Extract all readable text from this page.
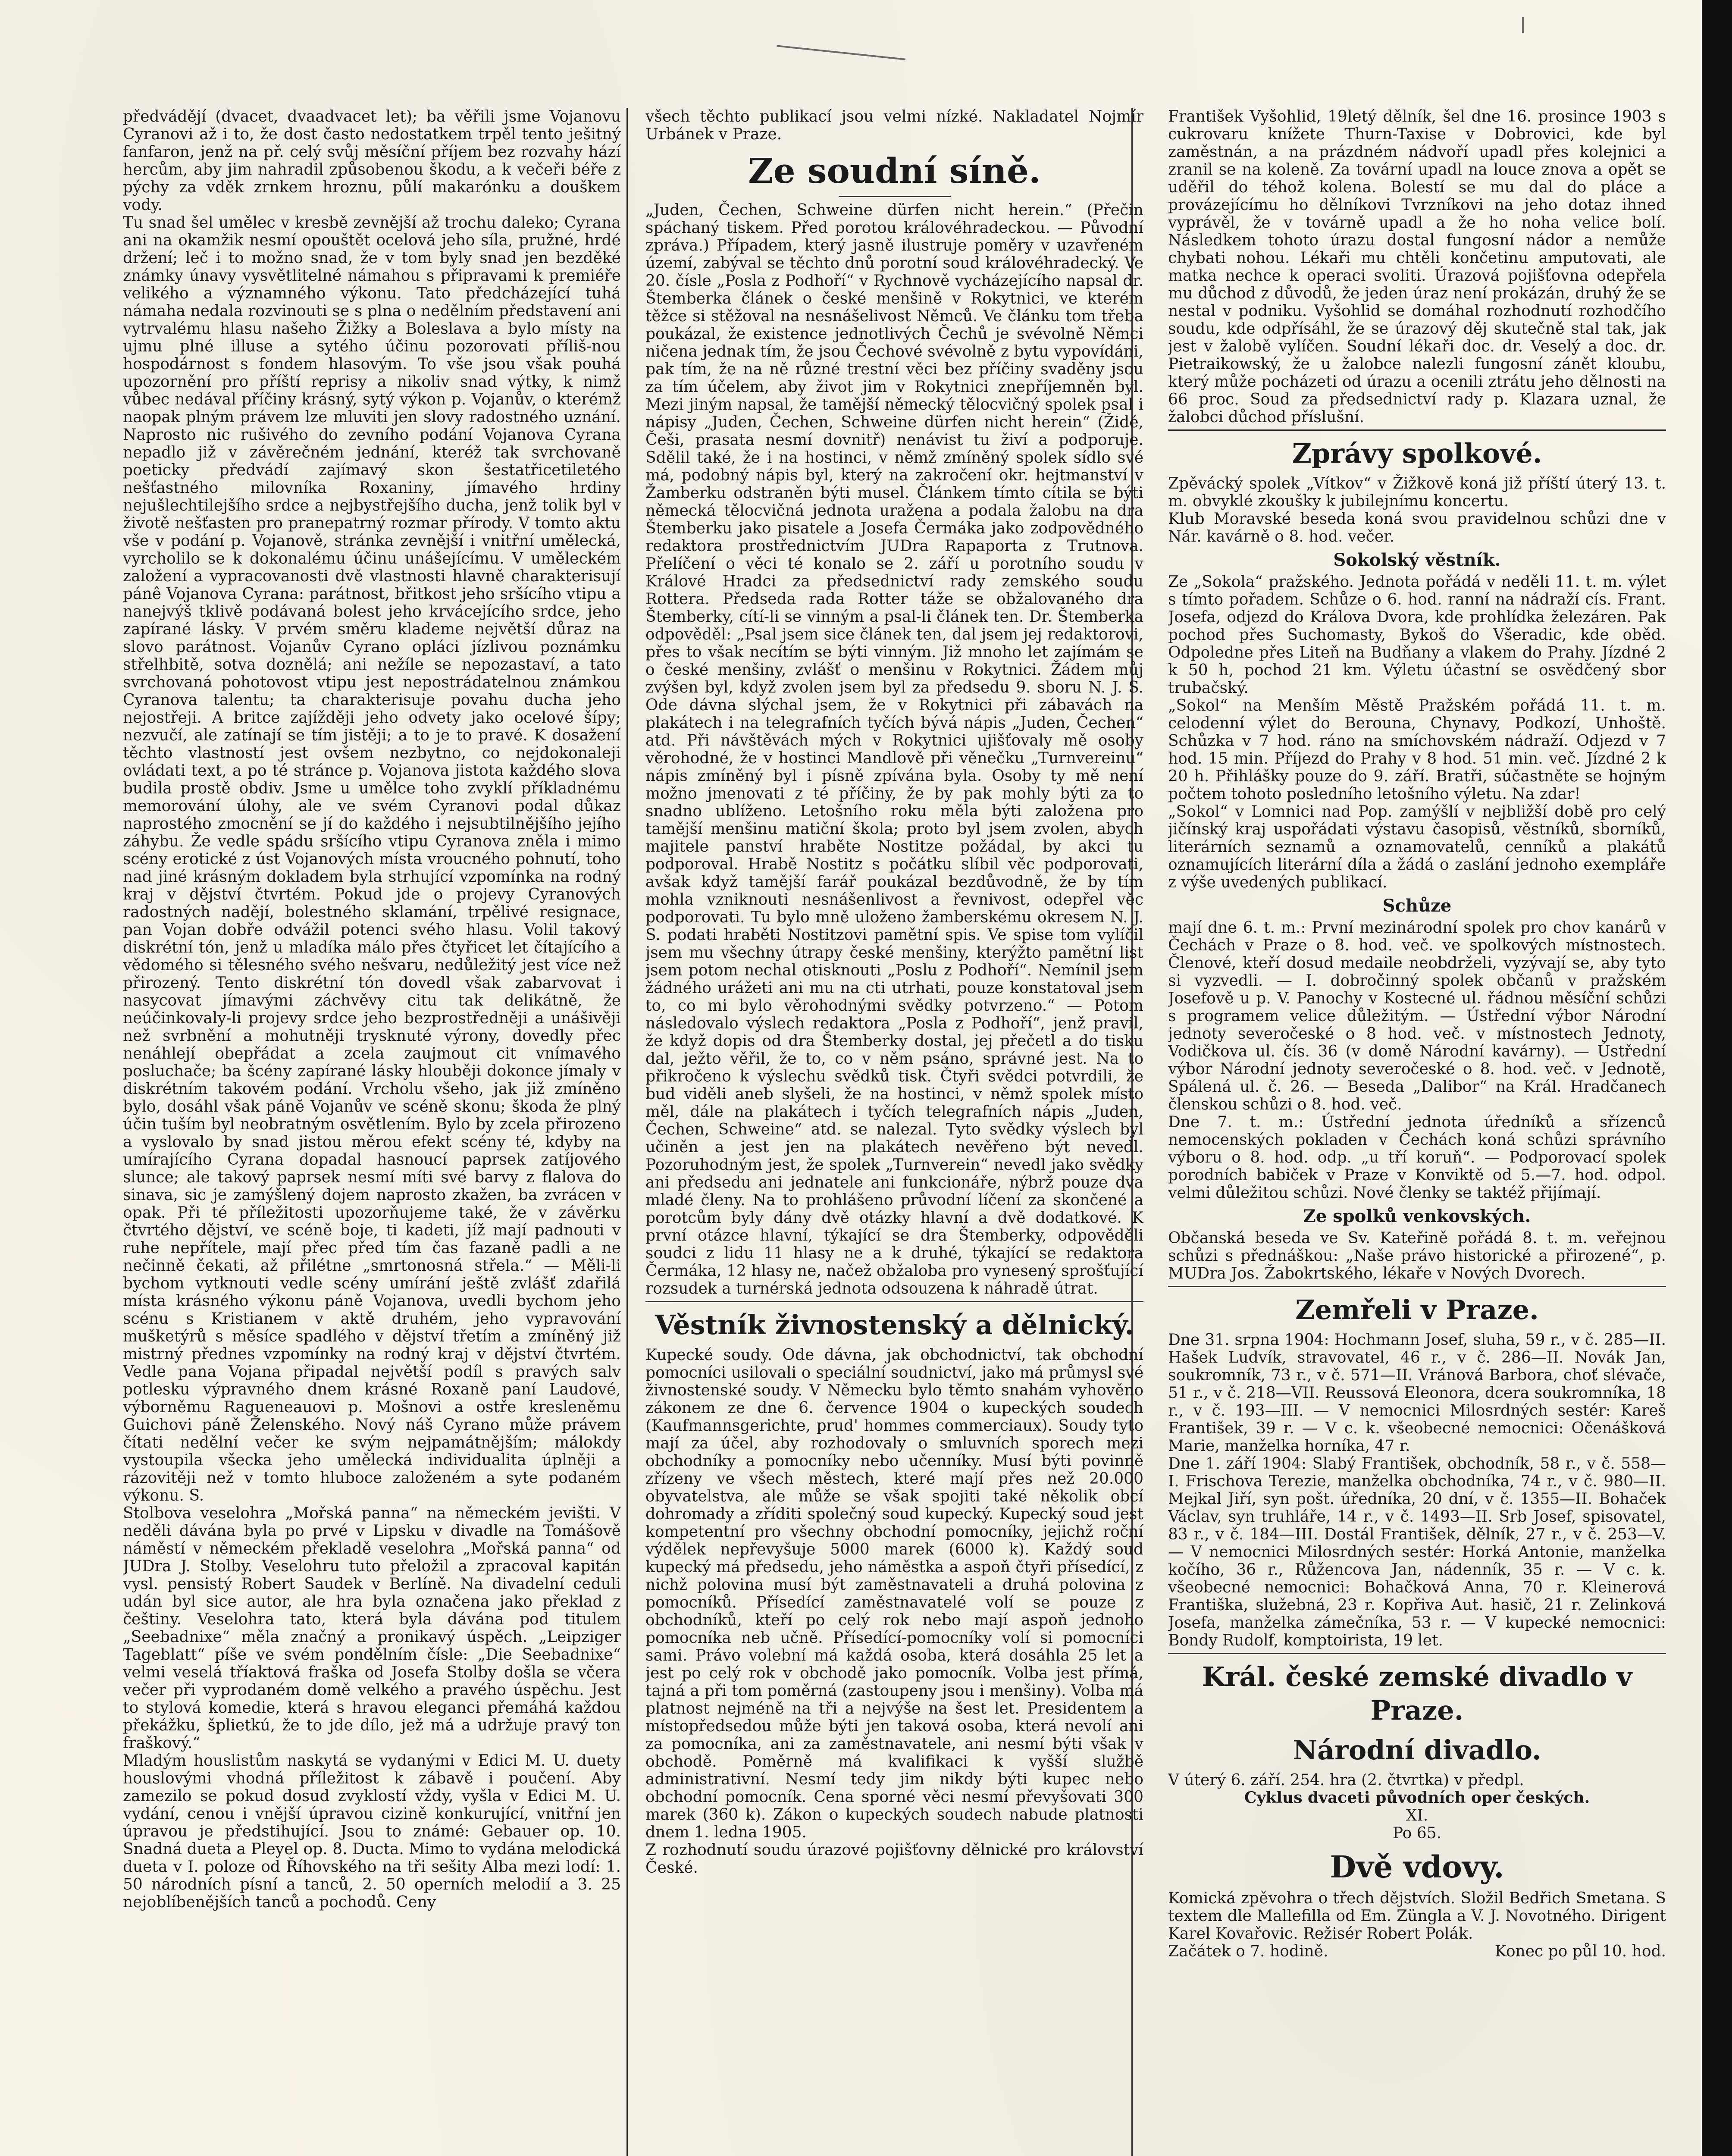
předvádějí (dvacet, dvaadvacet let); ba věřili jsme Vojanovu Cyranovi až i to, že dost často nedostatkem trpěl tento ješitný fanfaron, jenž na př. celý svůj měsíční příjem bez rozvahy hází hercům, aby jim nahradil způsobenou škodu, a k večeři béře z pýchy za vděk zrnkem hroznu, půlí makarónku a douškem vody.

Tu snad šel umělec v kresbě zevnější až trochu daleko; Cyrana ani na okamžik nesmí opouštět ocelová jeho síla, pružné, hrdé držení; leč i to možno snad, že v tom byly snad jen bezděké známky únavy vysvětlitelné námahou s připravami k premiéře velikého a významného výkonu. Tato předcházející tuhá námaha nedala rozvinouti se s plna o nedělním představení ani vytrvalému hlasu našeho Žižky a Boleslava a bylo místy na ujmu plné illuse a sytého účinu pozorovati příliš-nou hospodárnost s fondem hlasovým. To vše jsou však pouhá upozornění pro příští reprisy a nikoliv snad výtky, k nimž vůbec nedával příčiny krásný, sytý výkon p. Vojanův, o kterémž naopak plným právem lze mluviti jen slovy radostného uznání. Naprosto nic rušivého do zevního podání Vojanova Cyrana nepadlo již v závěrečném jednání, kteréž tak svrchovaně poeticky předvádí zajímavý skon šestatřicetiletého nešťastného milovníka Roxaniny, jímavého hrdiny nejušlechtilejšího srdce a nejbystřejšího ducha, jenž tolik byl v životě nešťasten pro pranepatrný rozmar přírody. V tomto aktu vše v podání p. Vojanově, stránka zevnější i vnitřní umělecká, vyrcholilo se k dokonalému účinu unášejícímu. V uměleckém založení a vypracovanosti dvě vlastnosti hlavně charakterisují pánê Vojanova Cyrana: parátnost, břitkost jeho sršícího vtipu a nanejvýš tklivě podávaná bolest jeho krvácejícího srdce, jeho zapírané lásky. V prvém směru klademe největší důraz na slovo parátnost. Vojanův Cyrano opláci jízlivou poznámku střelhbitě, sotva doznělá; ani nežíle se nepozastaví, a tato svrchovaná pohotovost vtipu jest nepostrádatelnou známkou Cyranova talentu; ta charakterisuje povahu ducha jeho nejostřeji. A britce zajížději jeho odvety jako ocelové šípy; nezvučí, ale zatínají se tím jistěji; a to je to pravé. K dosažení těchto vlastností jest ovšem nezbytno, co nejdokonaleji ovládati text, a po té stránce p. Vojanova jistota každého slova budila prostě obdiv. Jsme u umělce toho zvyklí příkladnému memorování úlohy, ale ve svém Cyranovi podal důkaz naprostého zmocnění se jí do každého i nejsubtilnějšího jejího záhybu. Že vedle spádu sršícího vtipu Cyranova zněla i mimo scény erotické z úst Vojanových místa vroucného pohnutí, toho nad jiné krásným dokladem byla strhující vzpomínka na rodný kraj v dějství čtvrtém. Pokud jde o projevy Cyranových radostných nadějí, bolestného sklamání, trpělivé resignace, pan Vojan dobře odvážil potenci svého hlasu. Volil takový diskrétní tón, jenž u mladíka málo přes čtyřicet let čítajícího a vědomého si tělesného svého nešvaru, nedůležitý jest více než přirozený. Tento diskrétní tón dovedl však zabarvovat i nasycovat jímavými záchvěvy citu tak delikátně, že neúčinkovaly-li projevy srdce jeho bezprostředněji a unášivěji než svrbnění a mohutněji trysknuté výrony, dovedly přec nenáhlejí obepřádat a zcela zaujmout cit vnímavého posluchače; ba šcény zapírané lásky hlouběji dokonce jímaly v diskrétním takovém podání. Vrcholu všeho, jak již zmíněno bylo, dosáhl však pánĕ Vojanův ve scéně skonu; škoda že plný účin tuším byl neobratným osvětlením. Bylo by zcela přirozeno a vyslovalo by snad jistou měrou efekt scény té, kdyby na umírajícího Cyrana dopadal hasnoucí paprsek zatíjového slunce; ale takový paprsek nesmí míti své barvy z flalova do sinava, sic je zamýšlený dojem naprosto zkažen, ba zvrácen v opak. Při té příležitosti upozorňujeme také, že v závěrku čtvrtého dějství, ve scéně boje, ti kadeti, jíž mají padnouti v ruhe nepřítele, mají přec před tím čas fazaně padli a ne nečinně čekati, až přilétne „smrtonosná střela.“ — Měli-li bychom vytknouti vedle scény umírání ještě zvlášť zdařilá místa krásného výkonu páně Vojanova, uvedli bychom jeho scénu s Kristianem v aktě druhém, jeho vypravování mušketýrů s měsíce spadlého v dějství třetím a zmíněný již mistrný přednes vzpomínky na rodný kraj v dějství čtvrtém. Vedle pana Vojana připadal největší podíl s pravých salv potlesku výpravného dnem krásné Roxaně paní Laudové, výborněmu Ragueneauovi p. Mošnovi a ostře kresleněmu Guichovi páně Želenského. Nový náš Cyrano může právem čítati nedělní večer ke svým nejpamátnějším; málokdy vystoupila všecka jeho umělecká individualita úplněji a rázovitěji než v tomto hluboce založeném a syte podaném výkonu. S.

Stolbova veselohra „Mořská panna“ na německém jevišti. V neděli dávána byla po prvé v Lipsku v divadle na Tomášově náměstí v německém překladě veselohra „Mořská panna“ od JUDra J. Stolby. Veselohru tuto přeložil a zpracoval kapitán vysl. pensistý Robert Saudek v Berlíně. Na divadelní ceduli udán byl sice autor, ale hra byla označena jako překlad z češtiny. Veselohra tato, která byla dávána pod titulem „Seebadnixe“ měla značný a pronikavý úspěch. „Leipziger Tageblatt“ píše ve svém pondělním čísle: „Die Seebadnixe“ velmi veselá tříaktová fraška od Josefa Stolby došla se včera večer při vyprodaném domě velkého a pravého úspěchu. Jest to stylová komedie, která s hravou eleganci přemáhá každou překážku, šplietkú, že to jde dílo, jež má a udržuje pravý ton fraškový.“

Mladým houslistům naskytá se vydanými v Edici M. U. duety houslovými vhodná příležitost k zábavě i poučení. Aby zamezilo se pokud dosud zvyklostí vždy, vyšla v Edici M. U. vydání, cenou i vnější úpravou cizině konkurující, vnitřní jen úpravou je předstihující. Jsou to známé: Gebauer op. 10. Snadná dueta a Pleyel op. 8. Ducta. Mimo to vydána melodická dueta v I. poloze od Říhovského na tři sešity Alba mezi lodí: 1. 50 národních písní a tanců, 2. 50 operních melodií a 3. 25 nejoblíbenějších tanců a pochodů. Ceny

všech těchto publikací jsou velmi nízké. Nakladatel Nojmír Urbánek v Praze.

Ze soudní síně.

„Juden, Čechen, Schweine dürfen nicht herein.“ (Přečin spáchaný tiskem. Před porotou královéhradeckou. — Původní zpráva.) Případem, který jasně ilustruje poměry v uzavřeném území, zabýval se těchto dnů porotní soud královéhradecký. Ve 20. čísle „Posla z Podhoří“ v Rychnově vycházejícího napsal dr. Štemberka článek o české menšině v Rokytnici, ve kterém těžce si stěžoval na nesnášelivost Němců. Ve článku tom třeba poukázal, že existence jednotlivých Čechů je svévolně Němci ničena jednak tím, že jsou Čechové svévolně z bytu vypovídáni, pak tím, že na ně různé trestní věci bez příčiny svaděny jsou za tím účelem, aby život jim v Rokytnici znepříjemněn byl. Mezi jiným napsal, že tamější německý tělocvičný spolek psal i nápisy „Juden, Čechen, Schweine dürfen nicht herein“ (Židé, Češi, prasata nesmí dovnitř) nenávist tu živí a podporuje. Sdělil také, že i na hostinci, v němž zmíněný spolek sídlo své má, podobný nápis byl, který na zakročení okr. hejtmanství v Žamberku odstraněn býti musel. Článkem tímto cítila se býti německá tělocvičná jednota uražena a podala žalobu na dra Štemberku jako pisatele a Josefa Čermáka jako zodpovědného redaktora prostřednictvím JUDra Rapaporta z Trutnova. Přelíčení o věci té konalo se 2. září u porotního soudu v Králové Hradci za předsednictví rady zemského soudu Rottera. Předseda rada Rotter táže se obžalovaného dra Štemberky, cítí-li se vinným a psal-li článek ten. Dr. Štemberka odpověděl: „Psal jsem sice článek ten, dal jsem jej redaktorovi, přes to však necítím se býti vinným. Již mnoho let zajímám se o české menšiny, zvlášť o menšinu v Rokytnici. Žádem můj zvýšen byl, když zvolen jsem byl za předsedu 9. sboru N. J. S. Ode dávna slýchal jsem, že v Rokytnici při zábavách na plakátech i na telegrafních tyčích bývá nápis „Juden, Čechen“ atd. Při návštěvách mých v Rokytnici ujišťovaly mě osoby věrohodné, že v hostinci Mandlově při věnečku „Turnvereinu“ nápis zmíněný byl i písně zpívána byla. Osoby ty mě není možno jmenovati z té příčiny, že by pak mohly býti za to snadno ublíženo. Letošního roku měla býti založena pro tamější menšinu matiční škola; proto byl jsem zvolen, abych majitele panství hraběte Nostitze požádal, by akci tu podporoval. Hrabě Nostitz s počátku slíbil věc podporovati, avšak když tamější farář poukázal bezdůvodně, že by tím mohla vzniknouti nesnášenlivost a řevnivost, odepřel věc podporovati. Tu bylo mně uloženo žamberskému okresem N. J. S. podati hraběti Nostitzovi pamětní spis. Ve spise tom vylíčil jsem mu všechny útrapy české menšiny, kterýžto pamětní list jsem potom nechal otisknouti „Poslu z Podhoří“. Nemínil jsem žádného urážeti ani mu na cti utrhati, pouze konstatoval jsem to, co mi bylo věrohodnými svědky potvrzeno.“ — Potom následovalo výslech redaktora „Posla z Podhoří“, jenž pravil, že když dopis od dra Štemberky dostal, jej přečetl a do tisku dal, ježto věřil, že to, co v něm psáno, správné jest. Na to přikročeno k výslechu svědků tisk. Čtyři svědci potvrdili, že bud viděli aneb slyšeli, že na hostinci, v němž spolek místo měl, dále na plakátech i tyčích telegrafních nápis „Juden, Čechen, Schweine“ atd. se nalezal. Tyto svědky výslech byl učiněn a jest jen na plakátech nevěřeno být nevedl. Pozoruhodným jest, že spolek „Turnverein“ nevedl jako svědky ani předsedu ani jednatele ani funkcionáře, nýbrž pouze dva mladé členy. Na to prohlášeno průvodní líčení za skončené a porotcům byly dány dvě otázky hlavní a dvě dodatkové. K první otázce hlavní, týkající se dra Štemberky, odpověděli soudci z lidu 11 hlasy ne a k druhé, týkající se redaktora Čermáka, 12 hlasy ne, načež obžaloba pro vynesený sprošťující rozsudek a turnérská jednota odsouzena k náhradě útrat.

Věstník živnostenský a dělnický.

Kupecké soudy. Ode dávna, jak obchodnictví, tak obchodní pomocníci usilovali o speciální soudnictví, jako má průmysl své živnostenské soudy. V Německu bylo těmto snahám vyhověno zákonem ze dne 6. července 1904 o kupeckých soudech (Kaufmannsgerichte, prud' hommes commerciaux). Soudy tyto mají za účel, aby rozhodovaly o smluvních sporech mezi obchodníky a pomocníky nebo učenníky. Musí býti povinně zřízeny ve všech městech, které mají přes než 20.000 obyvatelstva, ale může se však spojiti také několik obcí dohromady a zříditi společný soud kupecký. Kupecký soud jest kompetentní pro všechny obchodní pomocníky, jejichž roční výdělek nepřevyšuje 5000 marek (6000 k). Každý soud kupecký má předsedu, jeho náměstka a aspoň čtyři přísedící, z nichž polovina musí být zaměstnavateli a druhá polovina z pomocníků. Přísedící zaměstnavatelé volí se pouze z obchodníků, kteří po celý rok nebo mají aspoň jednoho pomocníka neb učně. Přísedící-pomocníky volí si pomocníci sami. Právo volební má každá osoba, která dosáhla 25 let a jest po celý rok v obchodě jako pomocník. Volba jest přímá, tajná a při tom poměrná (zastoupeny jsou i menšiny). Volba má platnost nejméně na tři a nejvýše na šest let. Presidentem a místopředsedou může býti jen taková osoba, která nevolí ani za pomocníka, ani za zaměstnavatele, ani nesmí býti však v obchodě. Poměrně má kvalifikaci k vyšší službě administrativní. Nesmí tedy jim nikdy býti kupec nebo obchodní pomocník. Cena sporné věci nesmí převyšovati 300 marek (360 k). Zákon o kupeckých soudech nabude platnosti dnem 1. ledna 1905.

Z rozhodnutí soudu úrazové pojišťovny dělnické pro království České.

František Vyšohlid, 19letý dělník, šel dne 16. prosince 1903 s cukrovaru knížete Thurn-Taxise v Dobrovici, kde byl zaměstnán, a na prázdném nádvoří upadl přes kolejnici a zranil se na koleně. Za tovární upadl na louce znova a opět se uděřil do téhož kolena. Bolestí se mu dal do pláce a provázejícímu ho dělníkovi Tvrzníkovi na jeho dotaz ihned vyprávěl, že v továrně upadl a že ho noha velice bolí. Následkem tohoto úrazu dostal fungosní nádor a nemůže chybati nohou. Lékaři mu chtěli končetinu amputovati, ale matka nechce k operaci svoliti. Úrazová pojišťovna odepřela mu důchod z důvodů, že jeden úraz není prokázán, druhý že se nestal v podniku. Vyšohlid se domáhal rozhodnutí rozhodčího soudu, kde odpřísáhl, že se úrazový děj skutečně stal tak, jak jest v žalobě vylíčen. Soudní lékaři doc. dr. Veselý a doc. dr. Pietraikowský, že u žalobce nalezli fungosní zánět kloubu, který může pocházeti od úrazu a ocenili ztrátu jeho dělnosti na 66 proc. Soud za předsednictví rady p. Klazara uznal, že žalobci důchod příslušní.

Zprávy spolkové.

Zpěvácký spolek „Vítkov“ v Žižkově koná již příští úterý 13. t. m. obvyklé zkoušky k jubilejnímu koncertu.

Klub Moravské beseda koná svou pravidelnou schůzi dne v Nár. kavárně o 8. hod. večer.

Sokolský věstník.

Ze „Sokola“ pražského. Jednota pořádá v neděli 11. t. m. výlet s tímto pořadem. Schůze o 6. hod. ranní na nádraží cís. Frant. Josefa, odjezd do Králova Dvora, kde prohlídka železáren. Pak pochod přes Suchomasty, Bykoš do Všeradic, kde oběd. Odpoledne přes Liteň na Budňany a vlakem do Prahy. Jízdné 2 k 50 h, pochod 21 km. Výletu účastní se osvědčený sbor trubačský.

„Sokol“ na Menším Městě Pražském pořádá 11. t. m. celodenní výlet do Berouna, Chynavy, Podkozí, Unhoště. Schůzka v 7 hod. ráno na smíchovském nádraží. Odjezd v 7 hod. 15 min. Příjezd do Prahy v 8 hod. 51 min. več. Jízdné 2 k 20 h. Přihlášky pouze do 9. září. Bratři, súčastněte se hojným počtem tohoto posledního letošního výletu. Na zdar!

„Sokol“ v Lomnici nad Pop. zamýšlí v nejbližší době pro celý jičínský kraj uspořádati výstavu časopisů, věstníků, sborníků, literárních seznamů a oznamovatelů, cenníků a plakátů oznamujících literární díla a žádá o zaslání jednoho exempláře z výše uvedených publikací.

Schůze

mají dne 6. t. m.: První mezinárodní spolek pro chov kanárů v Čechách v Praze o 8. hod. več. ve spolkových místnostech. Členové, kteří dosud medaile neobdrželi, vyzývají se, aby tyto si vyzvedli. — I. dobročinný spolek občanů v pražském Josefově u p. V. Panochy v Kostecné ul. řádnou měsíční schůzi s programem velice důležitým. — Ústřední výbor Národní jednoty severočeské o 8 hod. več. v místnostech Jednoty, Vodičkova ul. čís. 36 (v domě Národní kavárny). — Ústřední výbor Národní jednoty severočeské o 8. hod. več. v Jednotě, Spálená ul. č. 26. — Beseda „Dalibor“ na Král. Hradčanech členskou schůzi o 8. hod. več.

Dne 7. t. m.: Ústřední jednota úředníků a sřízenců nemocenských pokladen v Čechách koná schůzi správního výboru o 8. hod. odp. „u tří koruň“. — Podporovací spolek porodních babiček v Praze v Konviktě od 5.—7. hod. odpol. velmi důležitou schůzi. Nové členky se taktéž přijímají.

Ze spolků venkovských.

Občanská beseda ve Sv. Kateřině pořádá 8. t. m. veřejnou schůzi s přednáškou: „Naše právo historické a přirozené“, p. MUDra Jos. Žabokrtského, lékaře v Nových Dvorech.

Zemřeli v Praze.

Dne 31. srpna 1904: Hochmann Josef, sluha, 59 r., v č. 285—II. Hašek Ludvík, stravovatel, 46 r., v č. 286—II. Novák Jan, soukromník, 73 r., v č. 571—II. Vránová Barbora, choť slévače, 51 r., v č. 218—VII. Reussová Eleonora, dcera soukromníka, 18 r., v č. 193—III. — V nemocnici Milosrdných sestér: Kareš František, 39 r. — V c. k. všeobecné nemocnici: Očenášková Marie, manželka horníka, 47 r.

Dne 1. září 1904: Slabý František, obchodník, 58 r., v č. 558—I. Frischova Terezie, manželka obchodníka, 74 r., v č. 980—II. Mejkal Jiří, syn pošt. úředníka, 20 dní, v č. 1355—II. Bohaček Václav, syn truhláře, 14 r., v č. 1493—II. Srb Josef, spisovatel, 83 r., v č. 184—III. Dostál František, dělník, 27 r., v č. 253—V. — V nemocnici Milosrdných sestér: Horká Antonie, manželka kočího, 36 r., Růžencova Jan, nádenník, 35 r. — V c. k. všeobecné nemocnici: Bohačková Anna, 70 r. Kleinerová Františka, služebná, 23 r. Kopřiva Aut. hasič, 21 r. Zelinková Josefa, manželka zámečníka, 53 r. — V kupecké nemocnici: Bondy Rudolf, komptoiristа, 19 let.

Král. české zemské divadlo v Praze.
Národní divadlo.

V úterý 6. září. 254. hra (2. čtvrtka) v předpl.

Cyklus dvaceti původních oper českých.

XI.

Po 65.

Dvě vdovy.

Komická zpěvohra o třech dějstvích. Složil Bedřich Smetana. S textem dle Mallefilla od Em. Züngla a V. J. Novotného. Dirigent Karel Kovařovic. Režisér Robert Polák.

Začátek o 7. hodině.	Konec po půl 10. hod.
